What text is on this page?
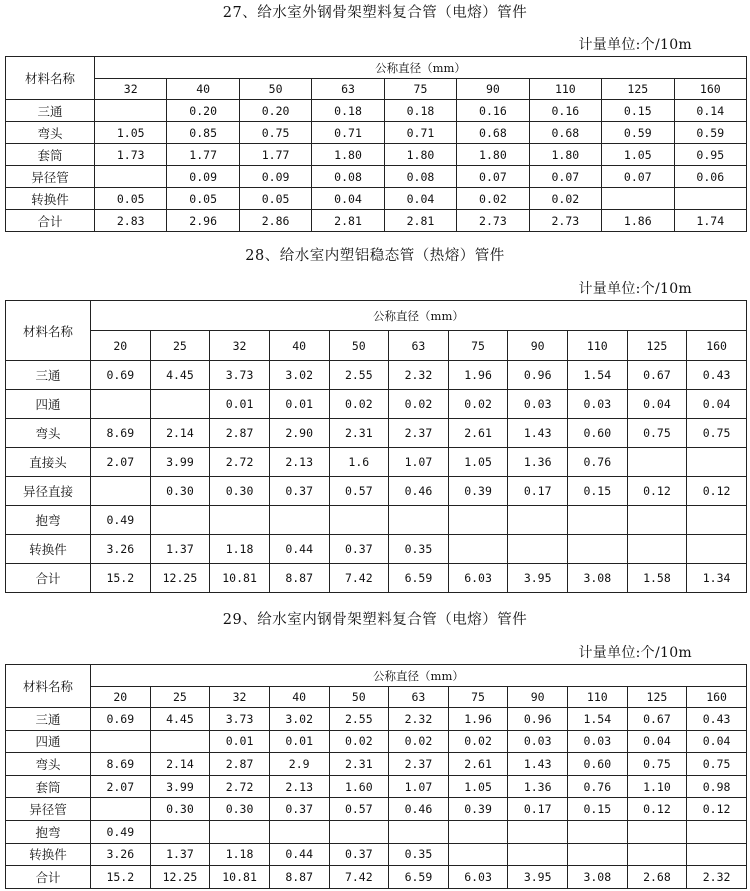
27、给水室外钢骨架塑料复合管（电熔）管件
计量单位:个/10m
材料名称	公称直径（mm）								
	32	40	50	63	75	90	110	125	160
三通		0.20	0.20	0.18	0.18	0.16	0.16	0.15	0.14
弯头	1.05	0.85	0.75	0.71	0.71	0.68	0.68	0.59	0.59
套筒	1.73	1.77	1.77	1.80	1.80	1.80	1.80	1.05	0.95
异径管		0.09	0.09	0.08	0.08	0.07	0.07	0.07	0.06
转换件	0.05	0.05	0.05	0.04	0.04	0.02	0.02		
合计	2.83	2.96	2.86	2.81	2.81	2.73	2.73	1.86	1.74
28、给水室内塑铝稳态管（热熔）管件
计量单位:个/10m
材料名称	公称直径（mm）										
	20	25	32	40	50	63	75	90	110	125	160
三通	0.69	4.45	3.73	3.02	2.55	2.32	1.96	0.96	1.54	0.67	0.43
四通			0.01	0.01	0.02	0.02	0.02	0.03	0.03	0.04	0.04
弯头	8.69	2.14	2.87	2.90	2.31	2.37	2.61	1.43	0.60	0.75	0.75
直接头	2.07	3.99	2.72	2.13	1.6	1.07	1.05	1.36	0.76		
异径直接		0.30	0.30	0.37	0.57	0.46	0.39	0.17	0.15	0.12	0.12
抱弯	0.49										
转换件	3.26	1.37	1.18	0.44	0.37	0.35					
合计	15.2	12.25	10.81	8.87	7.42	6.59	6.03	3.95	3.08	1.58	1.34
29、给水室内钢骨架塑料复合管（电熔）管件
计量单位:个/10m
材料名称	公称直径（mm）										
	20	25	32	40	50	63	75	90	110	125	160
三通	0.69	4.45	3.73	3.02	2.55	2.32	1.96	0.96	1.54	0.67	0.43
四通			0.01	0.01	0.02	0.02	0.02	0.03	0.03	0.04	0.04
弯头	8.69	2.14	2.87	2.9	2.31	2.37	2.61	1.43	0.60	0.75	0.75
套筒	2.07	3.99	2.72	2.13	1.60	1.07	1.05	1.36	0.76	1.10	0.98
异径管		0.30	0.30	0.37	0.57	0.46	0.39	0.17	0.15	0.12	0.12
抱弯	0.49										
转换件	3.26	1.37	1.18	0.44	0.37	0.35					
合计	15.2	12.25	10.81	8.87	7.42	6.59	6.03	3.95	3.08	2.68	2.32
